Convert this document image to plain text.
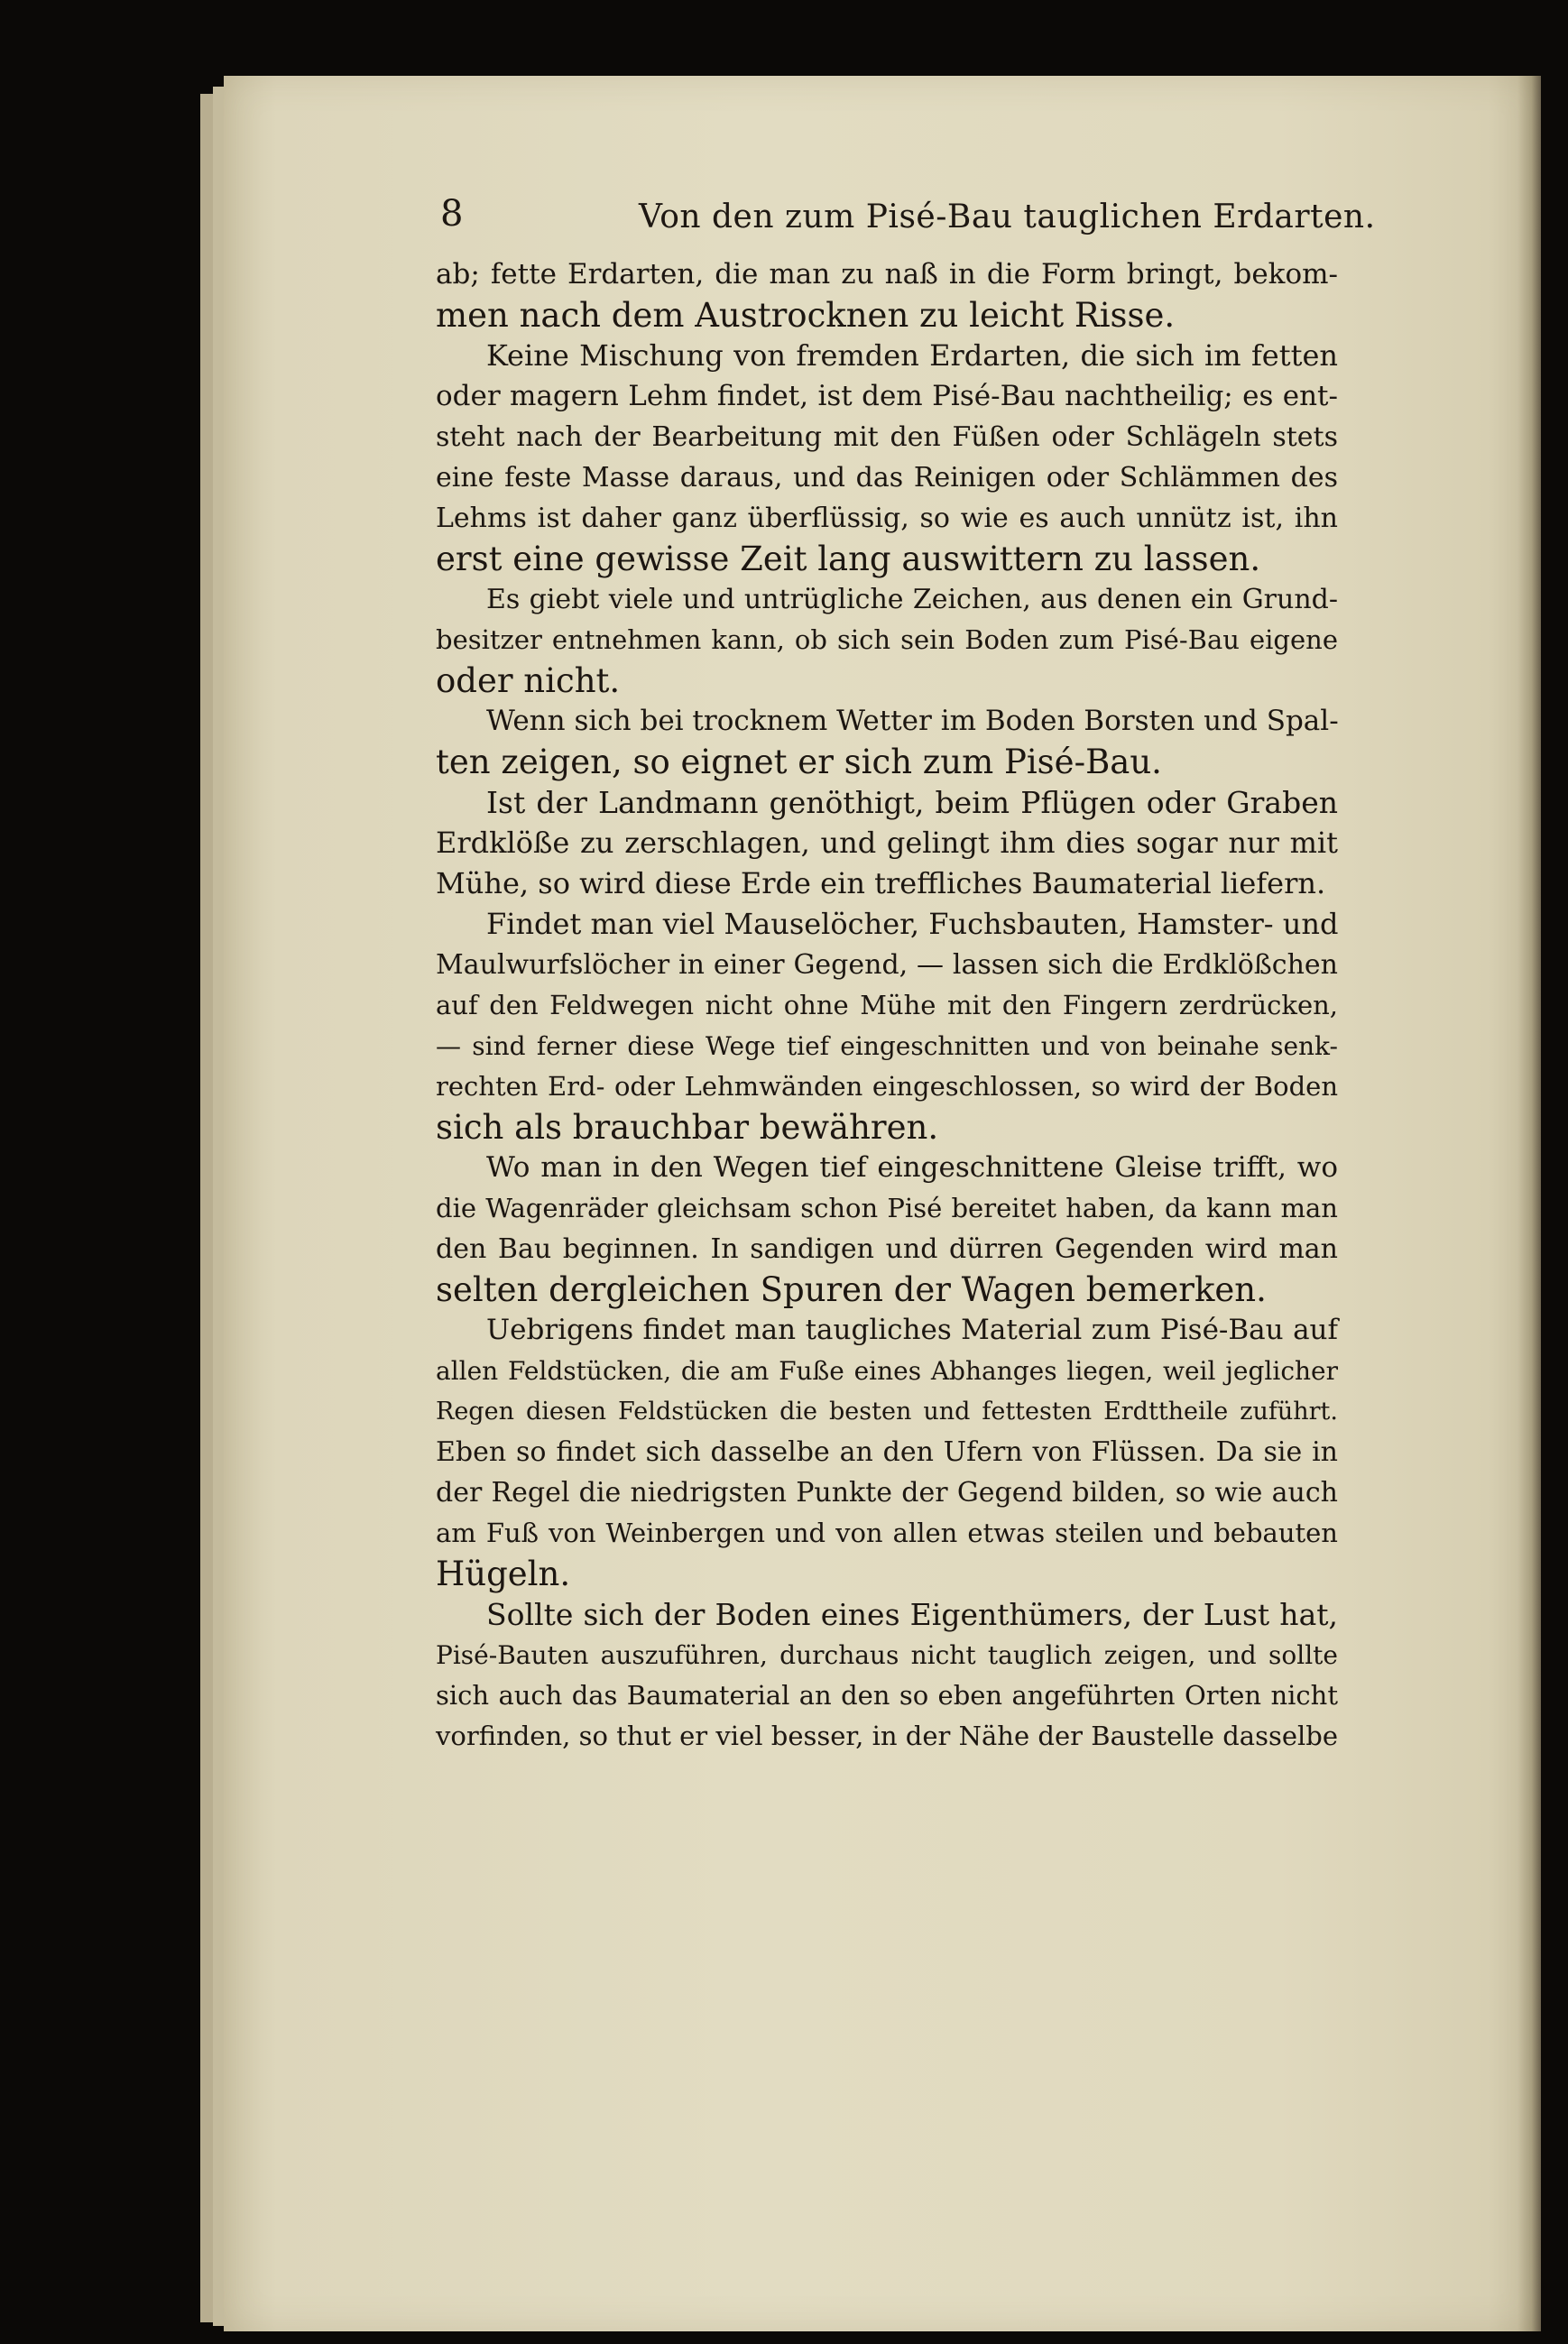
8	Von den zum Pisé-Bau tauglichen Erdarten.
ab; fette Erdarten, die man zu naß in die Form bringt, bekom-
men nach dem Austrocknen zu leicht Risse.
Keine Mischung von fremden Erdarten, die sich im fetten
oder magern Lehm findet, ist dem Pisé-Bau nachtheilig; es ent-
steht nach der Bearbeitung mit den Füßen oder Schlägeln stets
eine feste Masse daraus, und das Reinigen oder Schlämmen des
Lehms ist daher ganz überflüssig, so wie es auch unnütz ist, ihn
erst eine gewisse Zeit lang auswittern zu lassen.
Es giebt viele und untrügliche Zeichen, aus denen ein Grund-
besitzer entnehmen kann, ob sich sein Boden zum Pisé-Bau eigene
oder nicht.
Wenn sich bei trocknem Wetter im Boden Borsten und Spal-
ten zeigen, so eignet er sich zum Pisé-Bau.
Ist der Landmann genöthigt, beim Pflügen oder Graben
Erdklöße zu zerschlagen, und gelingt ihm dies sogar nur mit
Mühe, so wird diese Erde ein treffliches Baumaterial liefern.
Findet man viel Mauselöcher, Fuchsbauten, Hamster- und
Maulwurfslöcher in einer Gegend, — lassen sich die Erdklößchen
auf den Feldwegen nicht ohne Mühe mit den Fingern zerdrücken,
— sind ferner diese Wege tief eingeschnitten und von beinahe senk-
rechten Erd- oder Lehmwänden eingeschlossen, so wird der Boden
sich als brauchbar bewähren.
Wo man in den Wegen tief eingeschnittene Gleise trifft, wo
die Wagenräder gleichsam schon Pisé bereitet haben, da kann man
den Bau beginnen. In sandigen und dürren Gegenden wird man
selten dergleichen Spuren der Wagen bemerken.
Uebrigens findet man taugliches Material zum Pisé-Bau auf
allen Feldstücken, die am Fuße eines Abhanges liegen, weil jeglicher
Regen diesen Feldstücken die besten und fettesten Erdttheile zuführt.
Eben so findet sich dasselbe an den Ufern von Flüssen. Da sie in
der Regel die niedrigsten Punkte der Gegend bilden, so wie auch
am Fuß von Weinbergen und von allen etwas steilen und bebauten
Hügeln.
Sollte sich der Boden eines Eigenthümers, der Lust hat,
Pisé-Bauten auszuführen, durchaus nicht tauglich zeigen, und sollte
sich auch das Baumaterial an den so eben angeführten Orten nicht
vorfinden, so thut er viel besser, in der Nähe der Baustelle dasselbe
